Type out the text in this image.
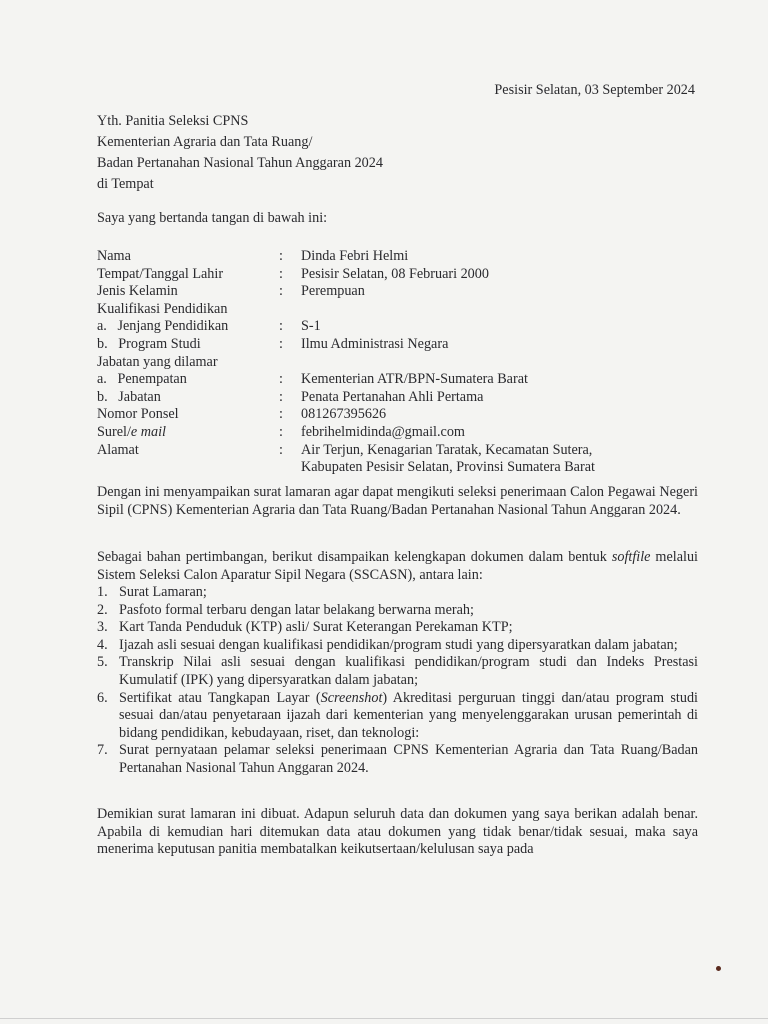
Pesisir Selatan, 03 September 2024
Yth. Panitia Seleksi CPNS
Kementerian Agraria dan Tata Ruang/
Badan Pertanahan Nasional Tahun Anggaran 2024
di Tempat
Saya yang bertanda tangan di bawah ini:
Nama	:	Dinda Febri Helmi
Tempat/Tanggal Lahir	:	Pesisir Selatan, 08 Februari 2000
Jenis Kelamin	:	Perempuan
Kualifikasi Pendidikan
a.   Jenjang Pendidikan	:	S-1
b.   Program Studi	:	Ilmu Administrasi Negara
Jabatan yang dilamar
a.   Penempatan	:	Kementerian ATR/BPN-Sumatera Barat
b.   Jabatan	:	Penata Pertanahan Ahli Pertama
Nomor Ponsel	:	081267395626
Surel/e mail	:	febrihelmidinda@gmail.com
Alamat	:	Air Terjun, Kenagarian Taratak, Kecamatan Sutera,
Kabupaten Pesisir Selatan, Provinsi Sumatera Barat
Dengan ini menyampaikan surat lamaran agar dapat mengikuti seleksi penerimaan Calon Pegawai Negeri Sipil (CPNS) Kementerian Agraria dan Tata Ruang/Badan Pertanahan Nasional Tahun Anggaran 2024.
Sebagai bahan pertimbangan, berikut disampaikan kelengkapan dokumen dalam bentuk softfile melalui Sistem Seleksi Calon Aparatur Sipil Negara (SSCASN), antara lain:
1. Surat Lamaran;
2. Pasfoto formal terbaru dengan latar belakang berwarna merah;
3. Kart Tanda Penduduk (KTP) asli/ Surat Keterangan Perekaman KTP;
4. Ijazah asli sesuai dengan kualifikasi pendidikan/program studi yang dipersyaratkan dalam jabatan;
5. Transkrip Nilai asli sesuai dengan kualifikasi pendidikan/program studi dan Indeks Prestasi Kumulatif (IPK) yang dipersyaratkan dalam jabatan;
6. Sertifikat atau Tangkapan Layar (Screenshot) Akreditasi perguruan tinggi dan/atau program studi sesuai dan/atau penyetaraan ijazah dari kementerian yang menyelenggarakan urusan pemerintah di bidang pendidikan, kebudayaan, riset, dan teknologi:
7. Surat pernyataan pelamar seleksi penerimaan CPNS Kementerian Agraria dan Tata Ruang/Badan Pertanahan Nasional Tahun Anggaran 2024.
Demikian surat lamaran ini dibuat. Adapun seluruh data dan dokumen yang saya berikan adalah benar. Apabila di kemudian hari ditemukan data atau dokumen yang tidak benar/tidak sesuai, maka saya menerima keputusan panitia membatalkan keikutsertaan/kelulusan saya pada
